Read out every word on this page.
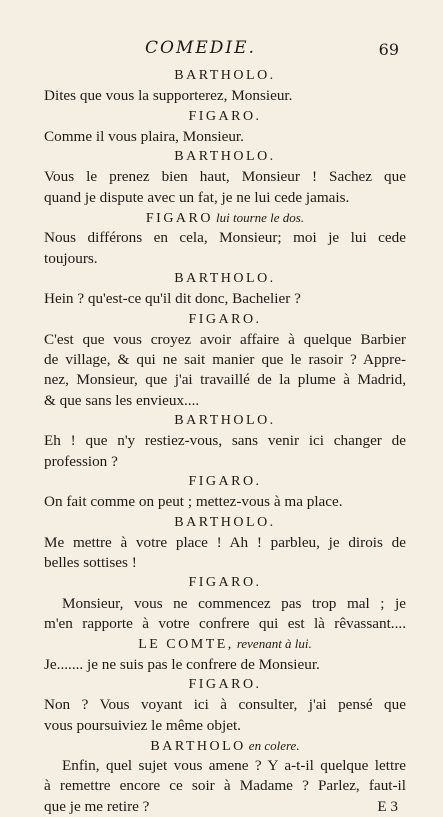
COMEDIE.	69
BARTHOLO.
Dites que vous la supporterez, Monsieur.
FIGARO.
Comme il vous plaira, Monsieur.
BARTHOLO.
Vous le prenez bien haut, Monsieur ! Sachez que
quand je dispute avec un fat, je ne lui cede jamais.
FIGARO lui tourne le dos.
Nous différons en cela, Monsieur; moi je lui cede
toujours.
BARTHOLO.
Hein ? qu'est-ce qu'il dit donc, Bachelier ?
FIGARO.
C'est que vous croyez avoir affaire à quelque Barbier
de village, & qui ne sait manier que le rasoir ? Appre-
nez, Monsieur, que j'ai travaillé de la plume à Madrid,
& que sans les envieux....
BARTHOLO.
Eh ! que n'y restiez-vous, sans venir ici changer de
profession ?
FIGARO.
On fait comme on peut ; mettez-vous à ma place.
BARTHOLO.
Me mettre à votre place ! Ah ! parbleu, je dirois de
belles sottises !
FIGARO.
Monsieur, vous ne commencez pas trop mal ; je
m'en rapporte à votre confrere qui est là rêvassant....
LE COMTE, revenant à lui.
Je....... je ne suis pas le confrere de Monsieur.
FIGARO.
Non ? Vous voyant ici à consulter, j'ai pensé que
vous poursuiviez le même objet.
BARTHOLO en colere.
Enfin, quel sujet vous amene ? Y a-t-il quelque lettre
à remettre encore ce soir à Madame ? Parlez, faut-il
que je me retire ?	E 3
